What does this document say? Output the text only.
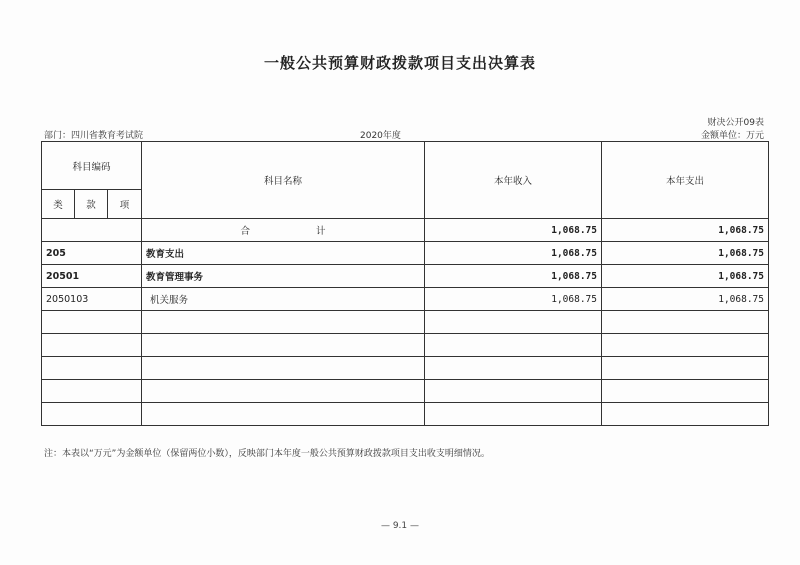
一般公共预算财政拨款项目支出决算表
财决公开09表
部门：四川省教育考试院	2020年度	金额单位：万元
科目编码			科目名称	本年收入	本年支出
类	款	项			
			合 计	1,068.75	1,068.75
205			教育支出	1,068.75	1,068.75
20501			教育管理事务	1,068.75	1,068.75
2050103			机关服务	1,068.75	1,068.75

注：本表以“万元”为金额单位（保留两位小数），反映部门本年度一般公共预算财政拨款项目支出收支明细情况。
— 9.1 —
